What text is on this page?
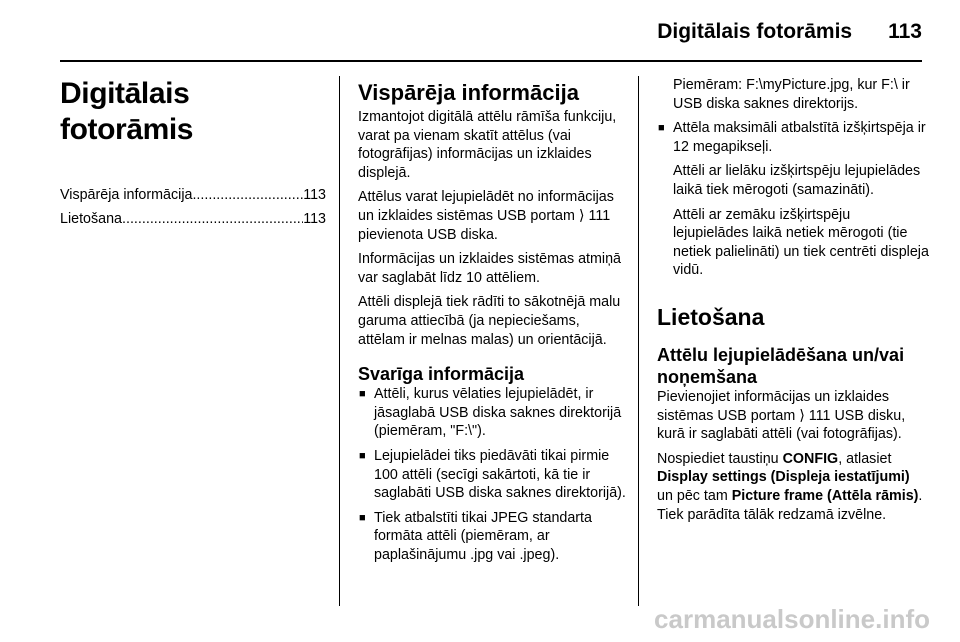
Digitālais fotorāmis 113
Digitālais fotorāmis
Vispārēja informācija .....	113
Lietošana .....	113
Vispārēja informācija

Izmantojot digitālā attēlu rāmīša funkciju, varat pa vienam skatīt attēlus (vai fotogrāfijas) informācijas un izklaides displejā.

Attēlus varat lejupielādēt no informācijas un izklaides sistēmas USB portam ⟩ 111 pievienota USB diska.

Informācijas un izklaides sistēmas atmiņā var saglabāt līdz 10 attēliem.

Attēli displejā tiek rādīti to sākotnējā malu garuma attiecībā (ja nepieciešams, attēlam ir melnas malas) un orientācijā.

Svarīga informācija
■ Attēli, kurus vēlaties lejupielādēt, ir jāsaglabā USB diska saknes direktorijā (piemēram, "F:\").
■ Lejupielādei tiks piedāvāti tikai pirmie 100 attēli (secīgi sakārtoti, kā tie ir saglabāti USB diska saknes direktorijā).
■ Tiek atbalstīti tikai JPEG standarta formāta attēli (piemēram, ar paplašinājumu .jpg vai .jpeg).

Piemēram: F:\myPicture.jpg, kur F:\ ir USB diska saknes direktorijs.

■ Attēla maksimāli atbalstītā izšķirtspēja ir 12 megapikseļi.

Attēli ar lielāku izšķirtspēju lejupielādes laikā tiek mērogoti (samazināti).

Attēli ar zemāku izšķirtspēju lejupielādes laikā netiek mērogoti (tie netiek palielināti) un tiek centrēti displeja vidū.

Lietošana
Attēlu lejupielādēšana un/vai noņemšana

Pievienojiet informācijas un izklaides sistēmas USB portam ⟩ 111 USB disku, kurā ir saglabāti attēli (vai fotogrāfijas).

Nospiediet taustiņu CONFIG, atlasiet Display settings (Displeja iestatījumi) un pēc tam Picture frame (Attēla rāmis). Tiek parādīta tālāk redzamā izvēlne.

carmanualsonline.info
